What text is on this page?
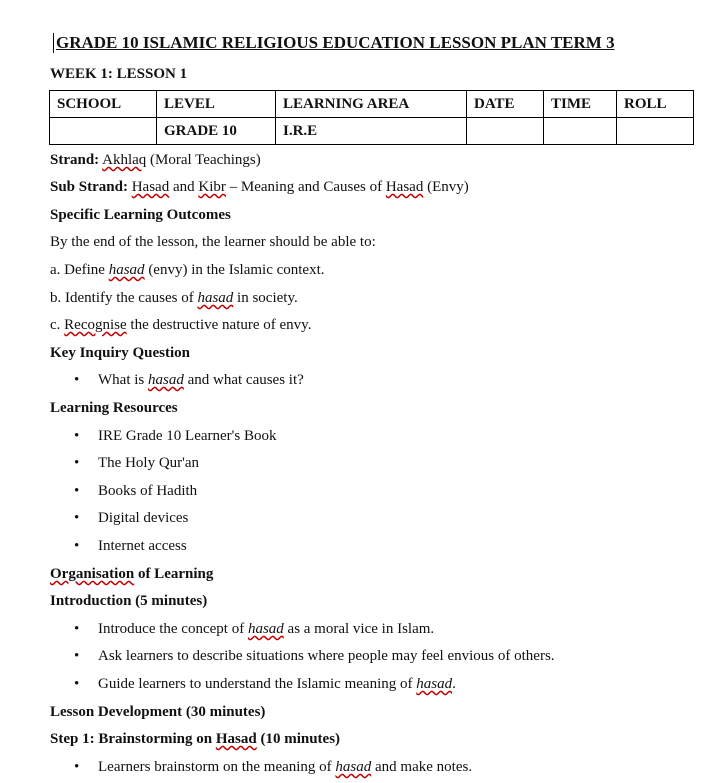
GRADE 10 ISLAMIC RELIGIOUS EDUCATION LESSON PLAN TERM 3
WEEK 1: LESSON 1
SCHOOL	LEVEL	LEARNING AREA	DATE	TIME	ROLL
	GRADE 10	I.R.E			
Strand: Akhlaq (Moral Teachings)
Sub Strand: Hasad and Kibr – Meaning and Causes of Hasad (Envy)
Specific Learning Outcomes
By the end of the lesson, the learner should be able to:
a. Define hasad (envy) in the Islamic context.
b. Identify the causes of hasad in society.
c. Recognise the destructive nature of envy.
Key Inquiry Question
• What is hasad and what causes it?
Learning Resources
• IRE Grade 10 Learner's Book
• The Holy Qur'an
• Books of Hadith
• Digital devices
• Internet access
Organisation of Learning
Introduction (5 minutes)
• Introduce the concept of hasad as a moral vice in Islam.
• Ask learners to describe situations where people may feel envious of others.
• Guide learners to understand the Islamic meaning of hasad.
Lesson Development (30 minutes)
Step 1: Brainstorming on Hasad (10 minutes)
• Learners brainstorm on the meaning of hasad and make notes.
